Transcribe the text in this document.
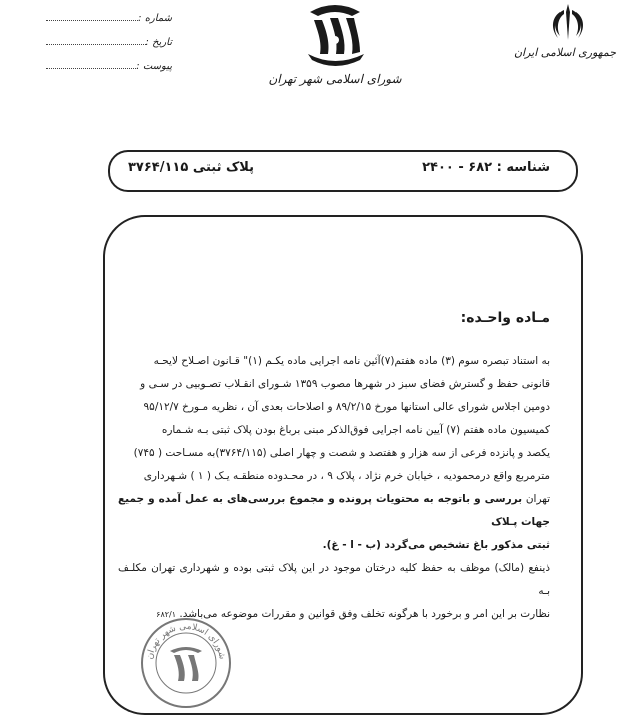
شماره :
تاریخ :
پیوست :
شورای اسلامی شهر تهران
جمهوری اسلامی ایران
پلاک ثبتی ۳۷۶۴/۱۱۵	شناسه : ۶۸۲ - ۲۴۰۰
مـاده واحـده:

به استناد تبصره سوم (۳) ماده هفتم(۷)آئین نامه اجرایی ماده یکـم (۱)" قـانون اصـلاح لایحـه

قانونی حفظ و گسترش فضای سبز در شهرها مصوب ۱۳۵۹ شـورای انقـلاب تصـوبیی در سـی و

دومین اجلاس شورای عالی استانها مورخ ۸۹/۲/۱۵ و اصلاحات بعدی آن ، نظریه مـورخ ۹۵/۱۲/۷

کمیسیون ماده هفتم (۷) آیین نامه اجرایی فوق‌الذکر مبنی برباغ بودن پلاک ثبتی بـه شـماره

یکصد و پانزده فرعی از سه هزار و هفتصد و شصت و چهار اصلی (۳۷۶۴/۱۱۵)به مسـاحت ( ۷۴۵)

مترمربع واقع درمحمودیه ، خیابان خرم نژاد ، پلاک ۹ ، در محـدوده منطقـه یـک ( ۱ ) شـهرداری

تهران بررسی و باتوجه به محتویات پرونده و مجموع بررسی‌های به عمل آمده و جمیع جهات پـلاک

ثبتی مذکور باغ تشخیص می‌گردد (ب - ا - غ).

ذینفع (مالک) موظف به حفظ کلیه درختان موجود در این پلاک ثبتی بوده و شهرداری تهران مکلـف بـه

نظارت بر این امر و برخورد با هرگونه تخلف وفق قوانین و مقررات موضوعه می‌باشد. ۶۸۲/۱

شورای اسلامی شهر تهران
